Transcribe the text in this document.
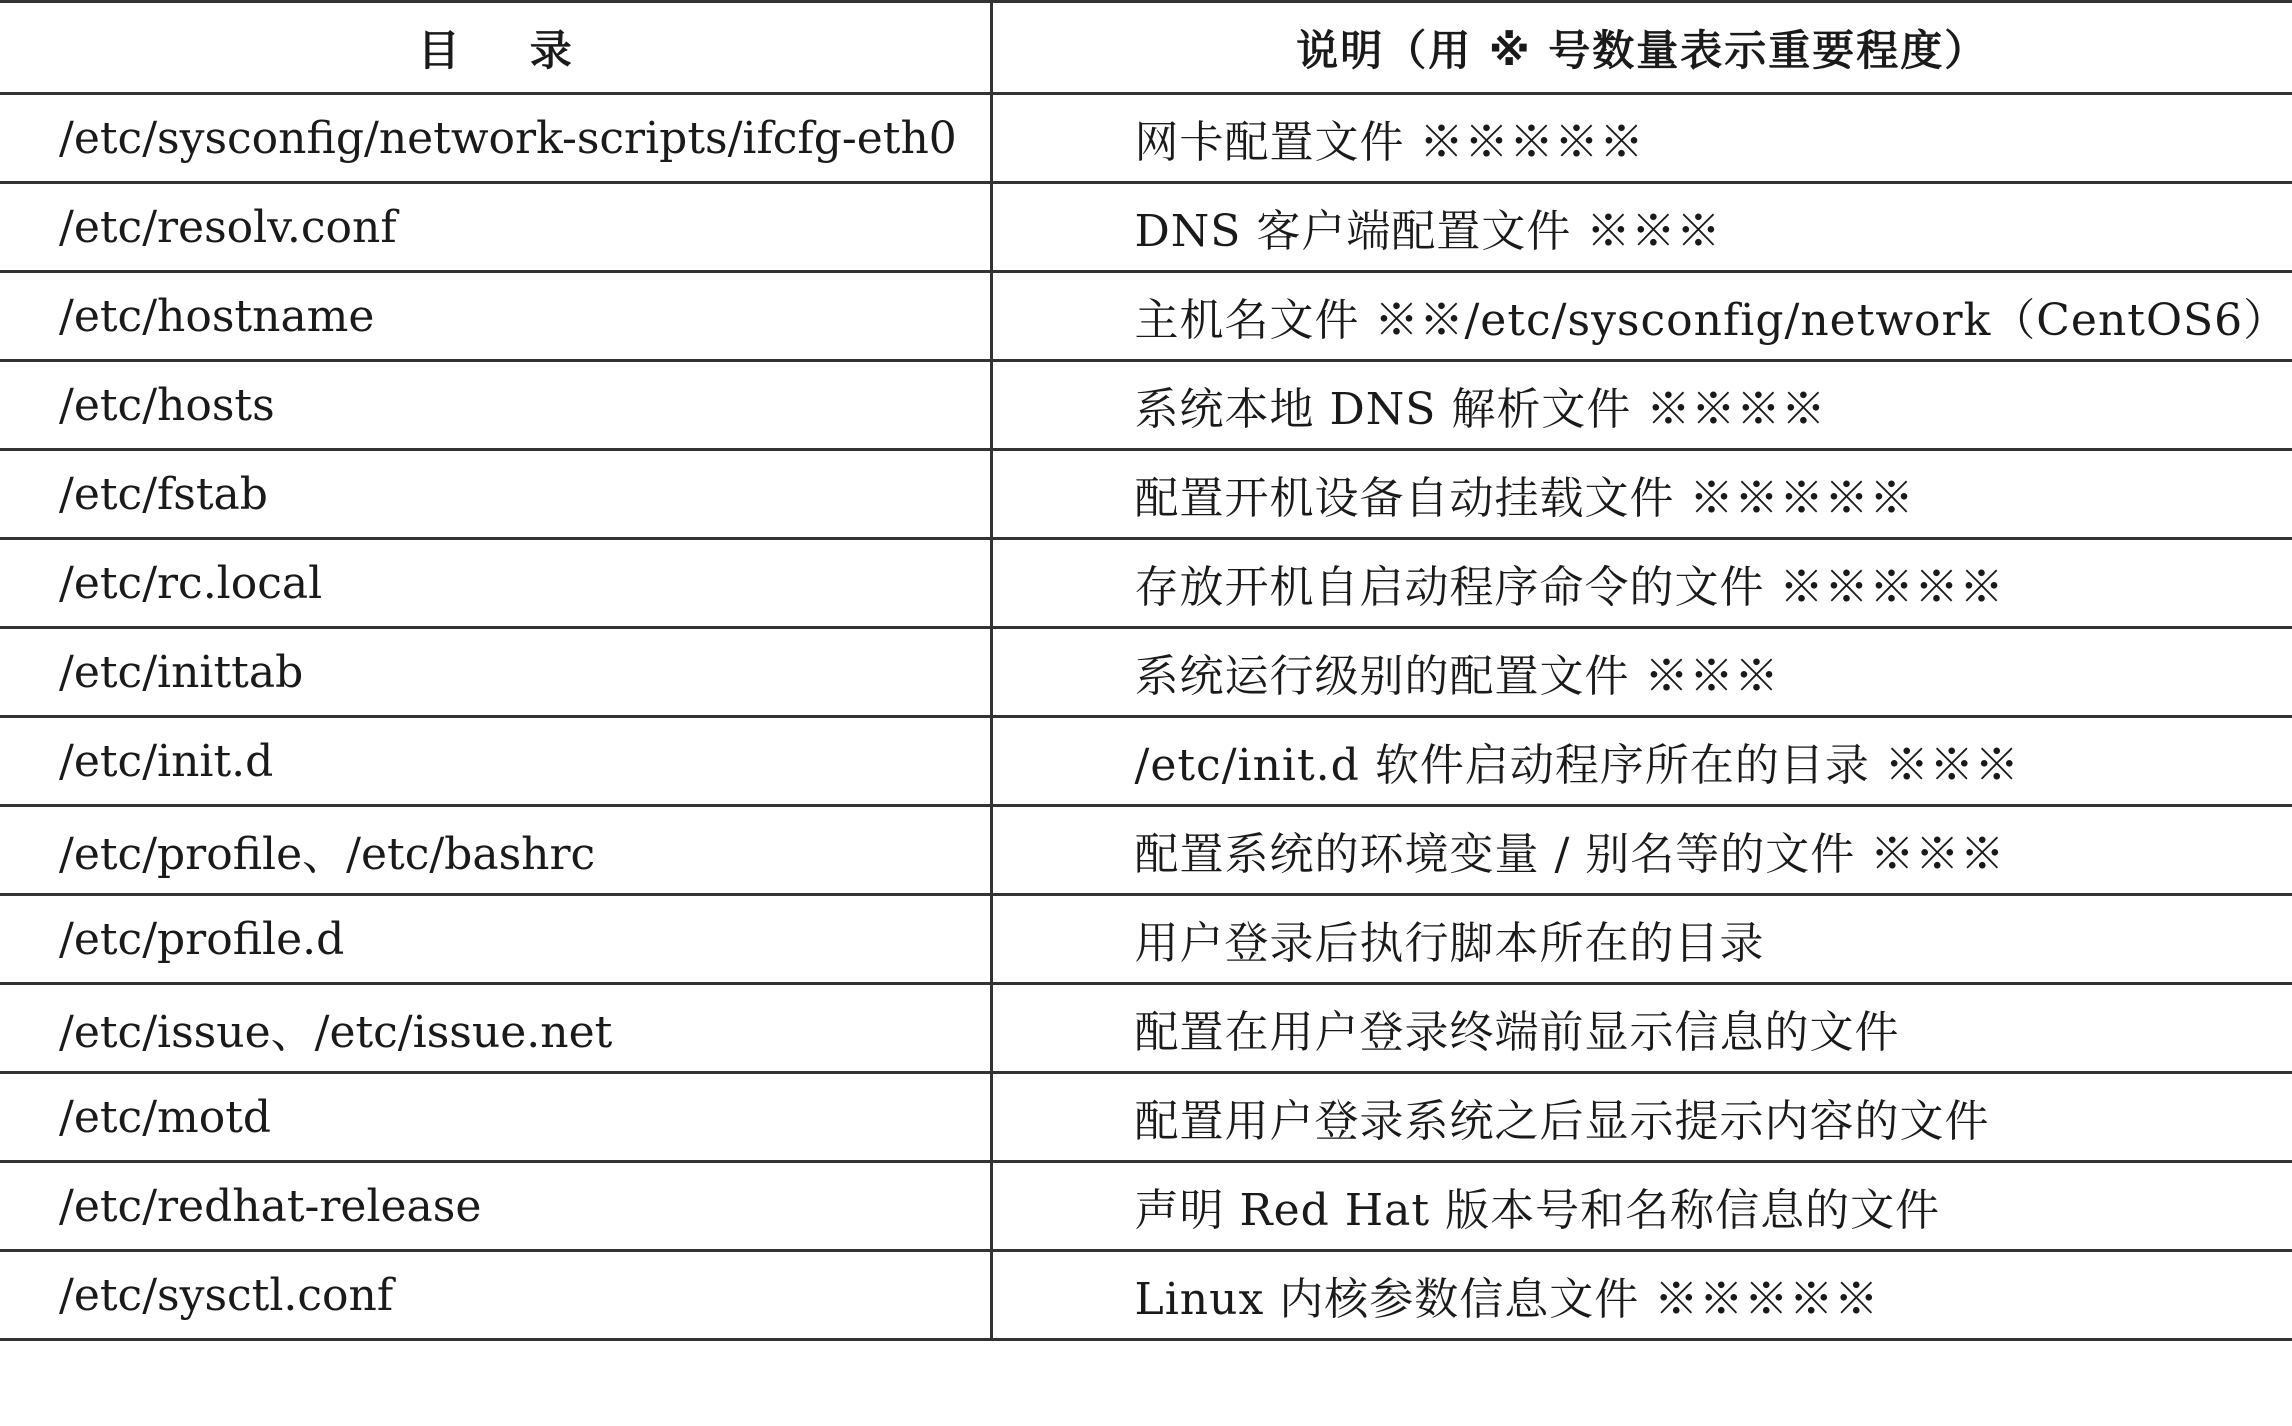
目录	说明（用 ※ 号数量表示重要程度）
/etc/sysconfig/network-scripts/ifcfg-eth0	网卡配置文件 ※※※※※
/etc/resolv.conf	DNS 客户端配置文件 ※※※
/etc/hostname	主机名文件 ※※/etc/sysconfig/network（CentOS6）
/etc/hosts	系统本地 DNS 解析文件 ※※※※
/etc/fstab	配置开机设备自动挂载文件 ※※※※※
/etc/rc.local	存放开机自启动程序命令的文件 ※※※※※
/etc/inittab	系统运行级别的配置文件 ※※※
/etc/init.d	/etc/init.d 软件启动程序所在的目录 ※※※
/etc/profile、/etc/bashrc	配置系统的环境变量 / 别名等的文件 ※※※
/etc/profile.d	用户登录后执行脚本所在的目录
/etc/issue、/etc/issue.net	配置在用户登录终端前显示信息的文件
/etc/motd	配置用户登录系统之后显示提示内容的文件
/etc/redhat-release	声明 Red Hat 版本号和名称信息的文件
/etc/sysctl.conf	Linux 内核参数信息文件 ※※※※※
